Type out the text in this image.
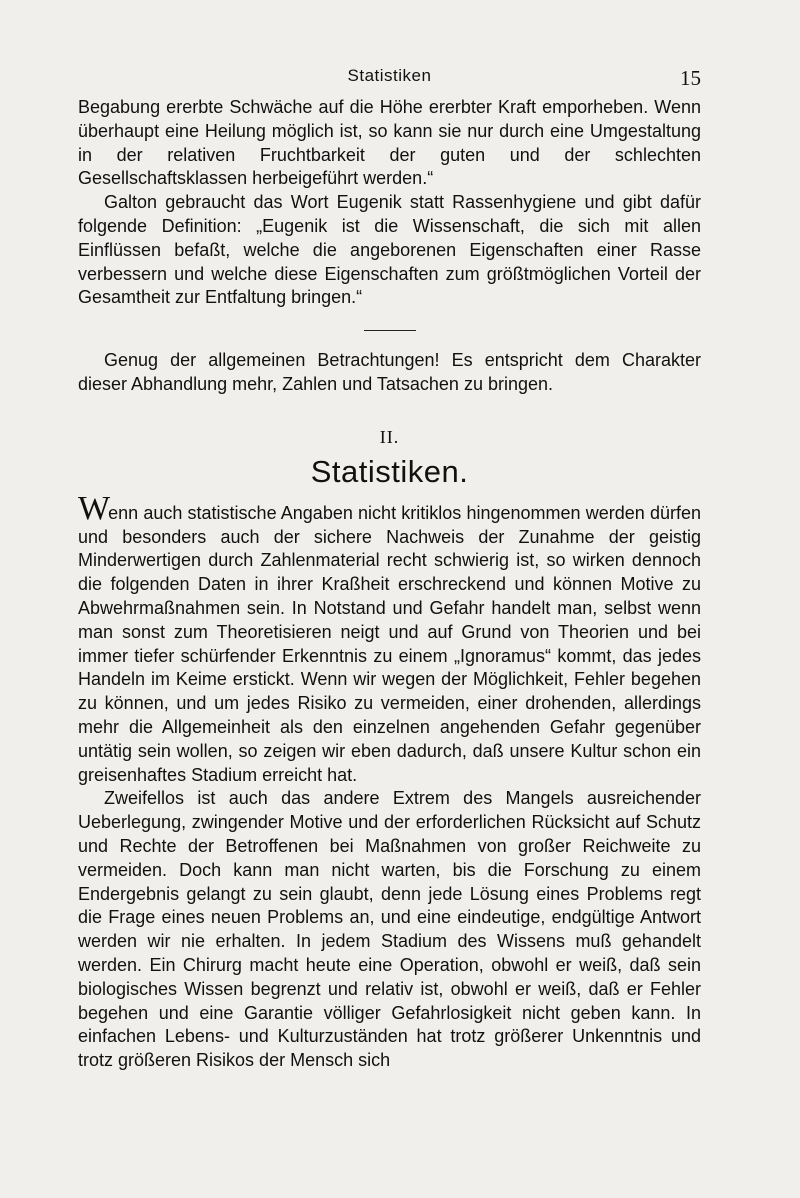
Statistiken	15

Begabung ererbte Schwäche auf die Höhe ererbter Kraft emporheben. Wenn überhaupt eine Heilung möglich ist, so kann sie nur durch eine Umgestaltung in der relativen Fruchtbarkeit der guten und der schlechten Gesellschaftsklassen herbeigeführt werden.“

Galton gebraucht das Wort Eugenik statt Rassenhygiene und gibt dafür folgende Definition: „Eugenik ist die Wissenschaft, die sich mit allen Einflüssen befaßt, welche die angeborenen Eigenschaften einer Rasse verbessern und welche diese Eigenschaften zum größtmöglichen Vorteil der Gesamtheit zur Entfaltung bringen.“

Genug der allgemeinen Betrachtungen! Es entspricht dem Charakter dieser Abhandlung mehr, Zahlen und Tatsachen zu bringen.

II.
Statistiken.

Wenn auch statistische Angaben nicht kritiklos hingenommen werden dürfen und besonders auch der sichere Nachweis der Zunahme der geistig Minderwertigen durch Zahlenmaterial recht schwierig ist, so wirken dennoch die folgenden Daten in ihrer Kraßheit erschreckend und können Motive zu Abwehrmaßnahmen sein. In Notstand und Gefahr handelt man, selbst wenn man sonst zum Theoretisieren neigt und auf Grund von Theorien und bei immer tiefer schürfender Erkenntnis zu einem „Ignoramus“ kommt, das jedes Handeln im Keime erstickt. Wenn wir wegen der Möglichkeit, Fehler begehen zu können, und um jedes Risiko zu vermeiden, einer drohenden, allerdings mehr die Allgemeinheit als den einzelnen angehenden Gefahr gegenüber untätig sein wollen, so zeigen wir eben dadurch, daß unsere Kultur schon ein greisenhaftes Stadium erreicht hat.

Zweifellos ist auch das andere Extrem des Mangels ausreichender Ueberlegung, zwingender Motive und der erforderlichen Rücksicht auf Schutz und Rechte der Betroffenen bei Maßnahmen von großer Reichweite zu vermeiden. Doch kann man nicht warten, bis die Forschung zu einem Endergebnis gelangt zu sein glaubt, denn jede Lösung eines Problems regt die Frage eines neuen Problems an, und eine eindeutige, endgültige Antwort werden wir nie erhalten. In jedem Stadium des Wissens muß gehandelt werden. Ein Chirurg macht heute eine Operation, obwohl er weiß, daß sein biologisches Wissen begrenzt und relativ ist, obwohl er weiß, daß er Fehler begehen und eine Garantie völliger Gefahrlosigkeit nicht geben kann. In einfachen Lebens- und Kulturzuständen hat trotz größerer Unkenntnis und trotz größeren Risikos der Mensch sich
